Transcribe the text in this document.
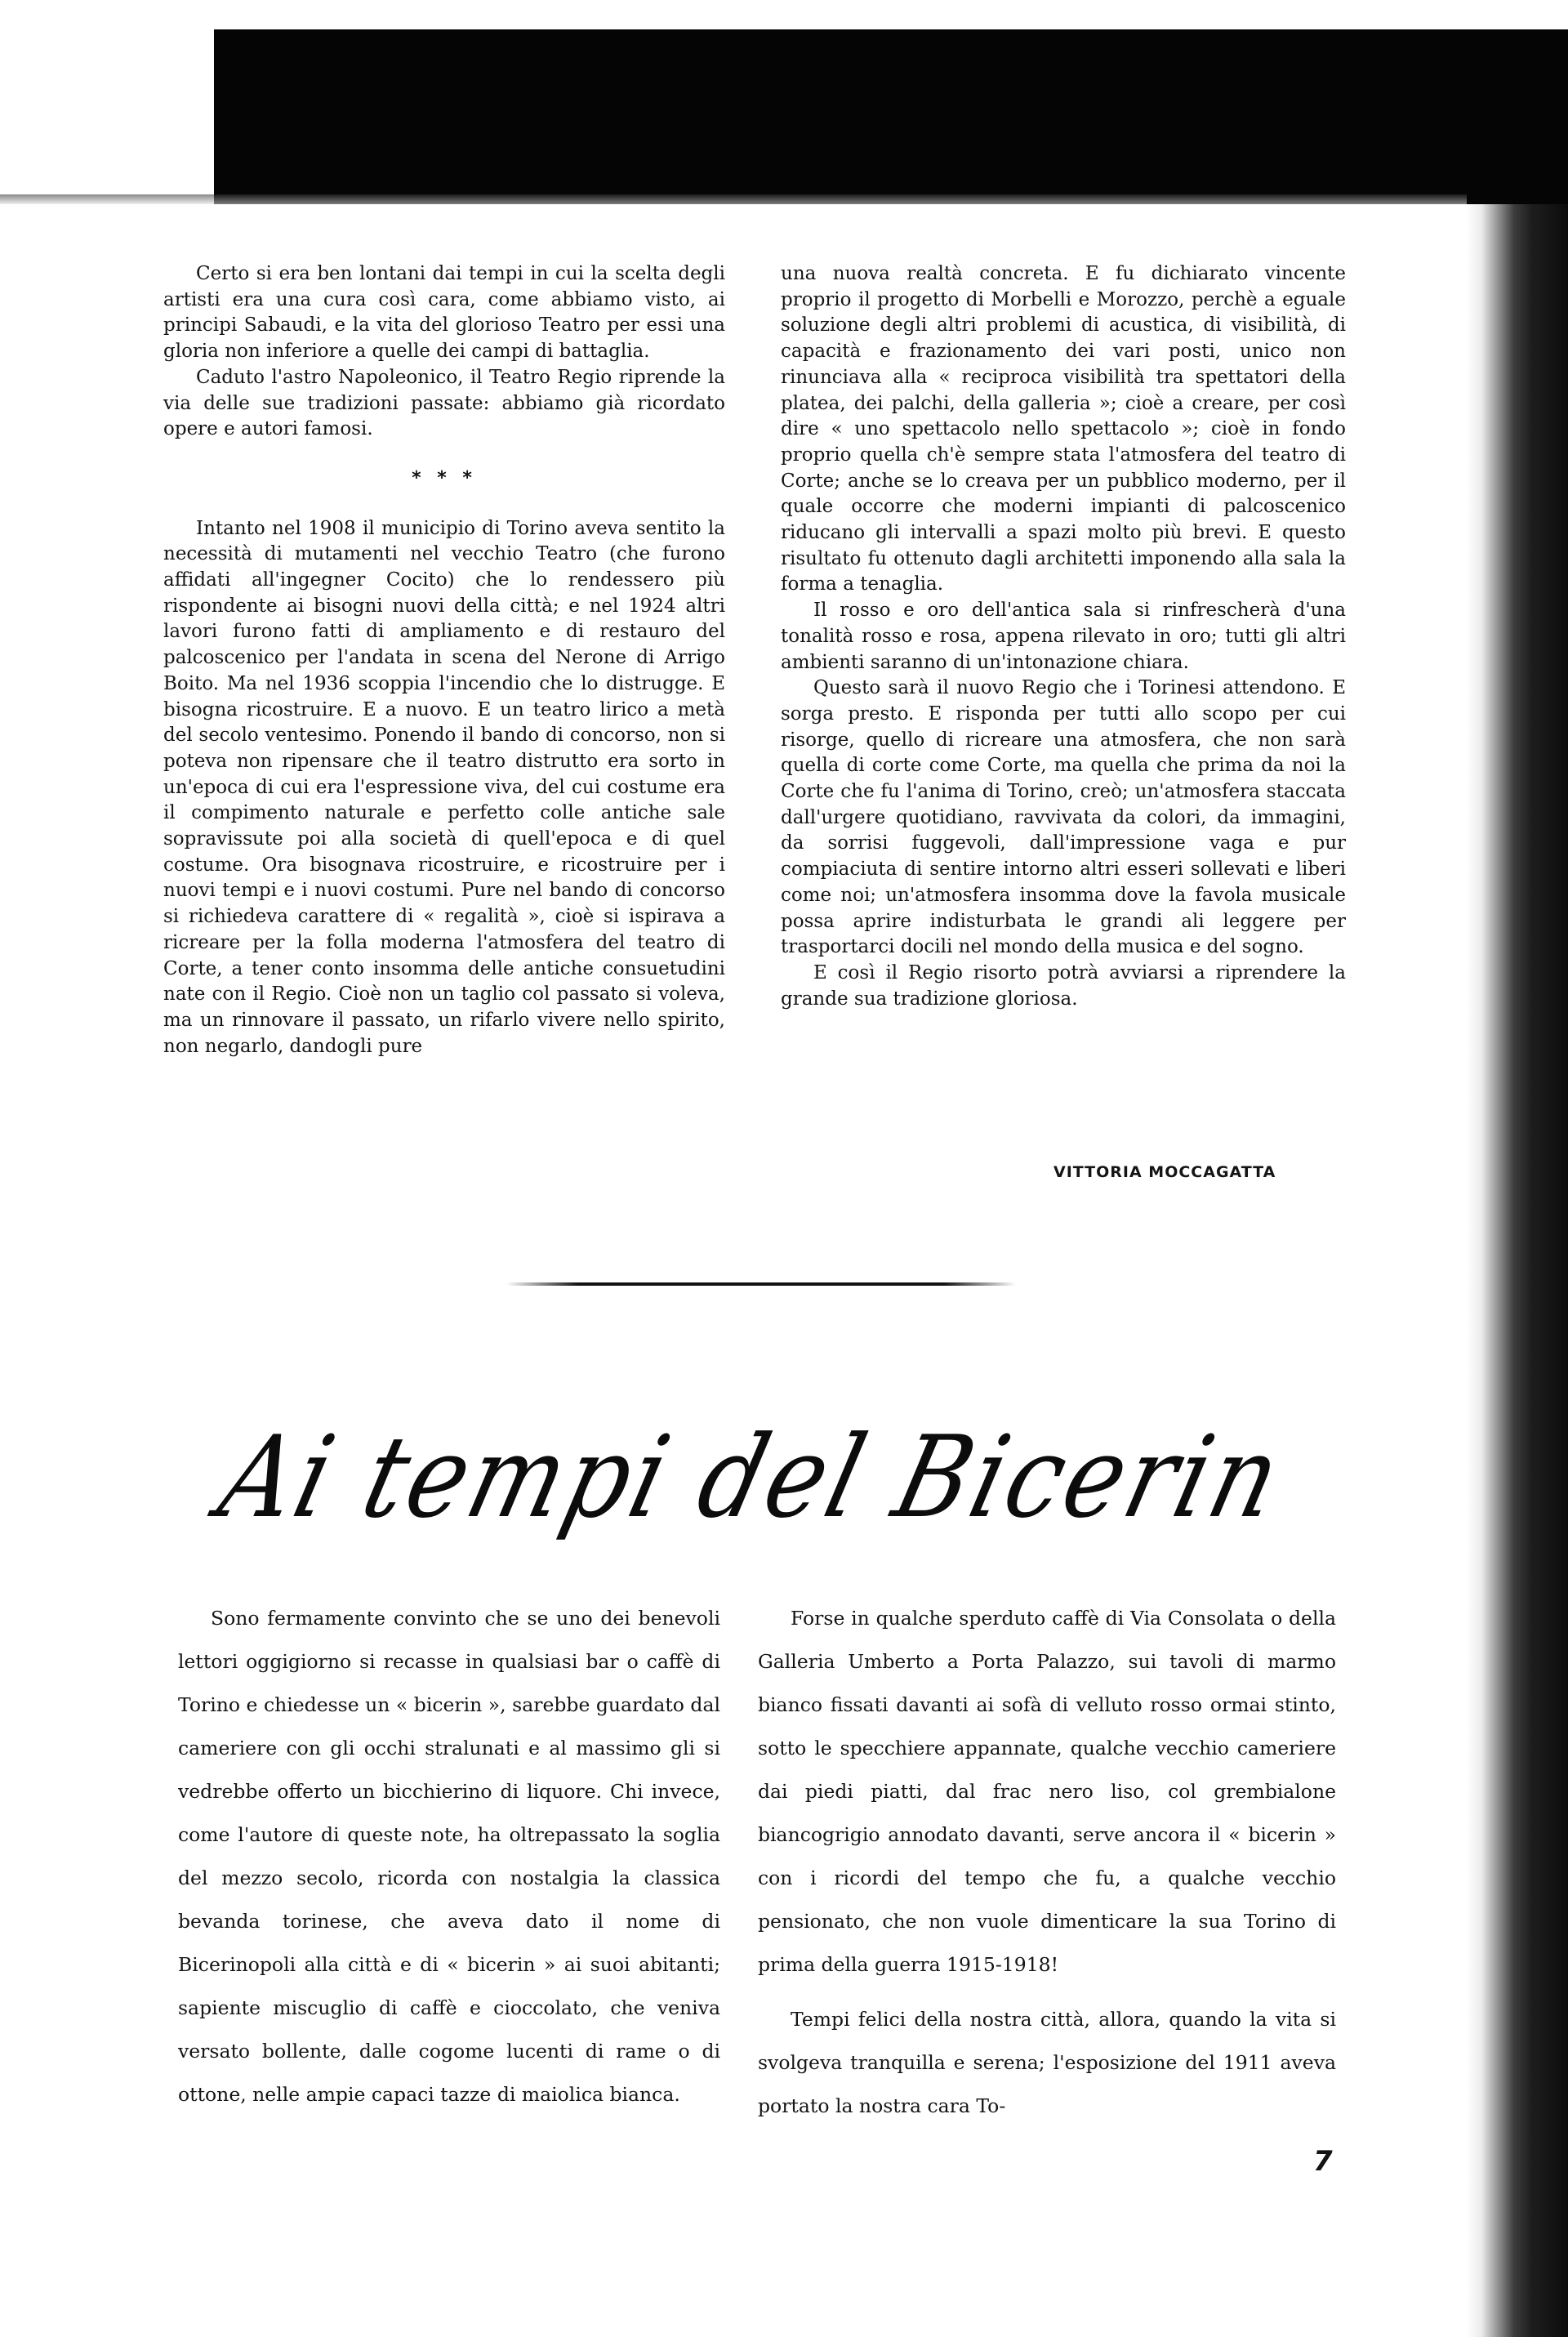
Certo si era ben lontani dai tempi in cui la scelta degli artisti era una cura così cara, come abbiamo visto, ai principi Sabaudi, e la vita del glorioso Teatro per essi una gloria non inferiore a quelle dei campi di battaglia.

Caduto l'astro Napoleonico, il Teatro Regio riprende la via delle sue tradizioni passate: abbiamo già ricordato opere e autori famosi.

* * *

Intanto nel 1908 il municipio di Torino aveva sentito la necessità di mutamenti nel vecchio Teatro (che furono affidati all'ingegner Cocito) che lo rendessero più rispondente ai bisogni nuovi della città; e nel 1924 altri lavori furono fatti di ampliamento e di restauro del palcoscenico per l'andata in scena del Nerone di Arrigo Boito. Ma nel 1936 scoppia l'incendio che lo distrugge. E bisogna ricostruire. E a nuovo. E un teatro lirico a metà del secolo ventesimo. Ponendo il bando di concorso, non si poteva non ripensare che il teatro distrutto era sorto in un'epoca di cui era l'espressione viva, del cui costume era il compimento naturale e perfetto colle antiche sale sopravissute poi alla società di quell'epoca e di quel costume. Ora bisognava ricostruire, e ricostruire per i nuovi tempi e i nuovi costumi. Pure nel bando di concorso si richiedeva carattere di « regalità », cioè si ispirava a ricreare per la folla moderna l'atmosfera del teatro di Corte, a tener conto insomma delle antiche consuetudini nate con il Regio. Cioè non un taglio col passato si voleva, ma un rinnovare il passato, un rifarlo vivere nello spirito, non negarlo, dandogli pure

una nuova realtà concreta. E fu dichiarato vincente proprio il progetto di Morbelli e Morozzo, perchè a eguale soluzione degli altri problemi di acustica, di visibilità, di capacità e frazionamento dei vari posti, unico non rinunciava alla « reciproca visibilità tra spettatori della platea, dei palchi, della galleria »; cioè a creare, per così dire « uno spettacolo nello spettacolo »; cioè in fondo proprio quella ch'è sempre stata l'atmosfera del teatro di Corte; anche se lo creava per un pubblico moderno, per il quale occorre che moderni impianti di palcoscenico riducano gli intervalli a spazi molto più brevi. E questo risultato fu ottenuto dagli architetti imponendo alla sala la forma a tenaglia.

Il rosso e oro dell'antica sala si rinfrescherà d'una tonalità rosso e rosa, appena rilevato in oro; tutti gli altri ambienti saranno di un'intonazione chiara.

Questo sarà il nuovo Regio che i Torinesi attendono. E sorga presto. E risponda per tutti allo scopo per cui risorge, quello di ricreare una atmosfera, che non sarà quella di corte come Corte, ma quella che prima da noi la Corte che fu l'anima di Torino, creò; un'atmosfera staccata dall'urgere quotidiano, ravvivata da colori, da immagini, da sorrisi fuggevoli, dall'impressione vaga e pur compiaciuta di sentire intorno altri esseri sollevati e liberi come noi; un'atmosfera insomma dove la favola musicale possa aprire indisturbata le grandi ali leggere per trasportarci docili nel mondo della musica e del sogno.

E così il Regio risorto potrà avviarsi a riprendere la grande sua tradizione gloriosa.

VITTORIA MOCCAGATTA
Ai tempi del Bicerin

Sono fermamente convinto che se uno dei benevoli lettori oggigiorno si recasse in qualsiasi bar o caffè di Torino e chiedesse un « bicerin », sarebbe guardato dal cameriere con gli occhi stralunati e al massimo gli si vedrebbe offerto un bicchierino di liquore. Chi invece, come l'autore di queste note, ha oltrepassato la soglia del mezzo secolo, ricorda con nostalgia la classica bevanda torinese, che aveva dato il nome di Bicerinopoli alla città e di « bicerin » ai suoi abitanti; sapiente miscuglio di caffè e cioccolato, che veniva versato bollente, dalle cogome lucenti di rame o di ottone, nelle ampie capaci tazze di maiolica bianca.

Forse in qualche sperduto caffè di Via Consolata o della Galleria Umberto a Porta Palazzo, sui tavoli di marmo bianco fissati davanti ai sofà di velluto rosso ormai stinto, sotto le specchiere appannate, qualche vecchio cameriere dai piedi piatti, dal frac nero liso, col grembialone biancogrigio annodato davanti, serve ancora il « bicerin » con i ricordi del tempo che fu, a qualche vecchio pensionato, che non vuole dimenticare la sua Torino di prima della guerra 1915-1918!

Tempi felici della nostra città, allora, quando la vita si svolgeva tranquilla e serena; l'esposizione del 1911 aveva portato la nostra cara To-

7
